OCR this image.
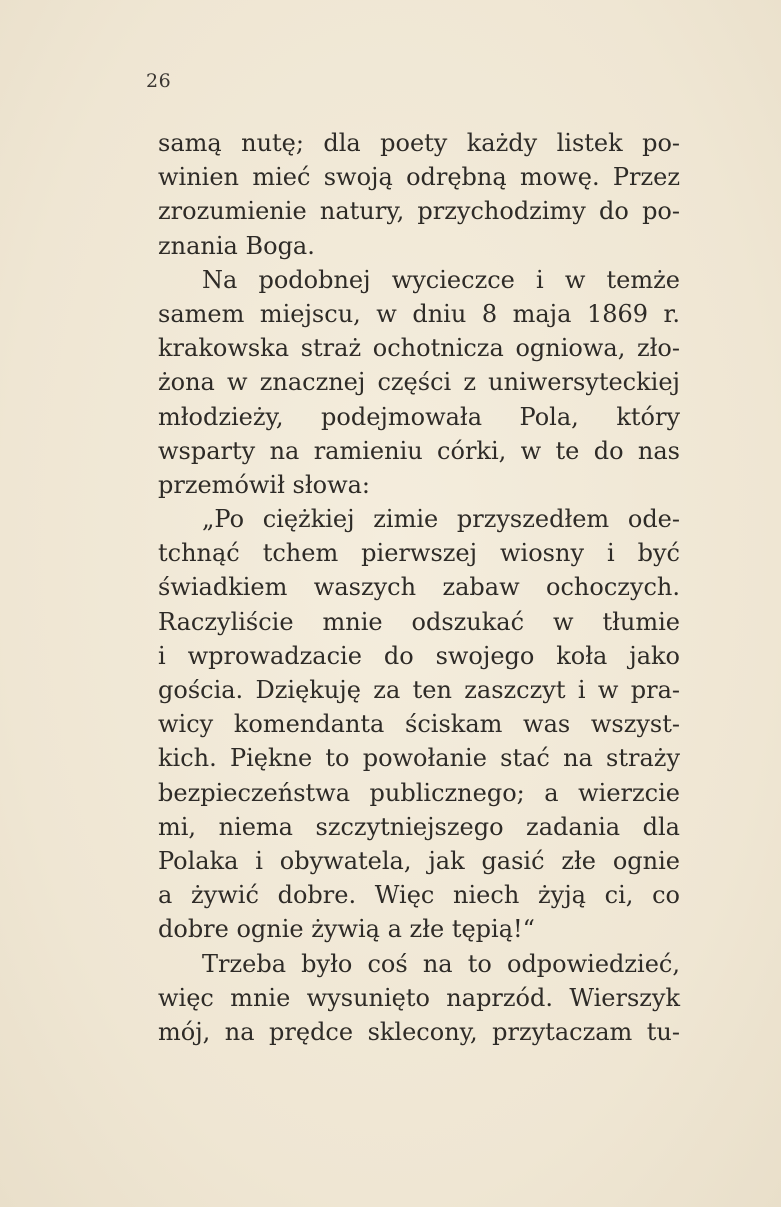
26
samą nutę; dla poety każdy listek po-
winien mieć swoją odrębną mowę. Przez
zrozumienie natury, przychodzimy do po-
znania Boga.
Na podobnej wycieczce i w temże
samem miejscu, w dniu 8 maja 1869 r.
krakowska straż ochotnicza ogniowa, zło-
żona w znacznej części z uniwersyteckiej
młodzieży, podejmowała Pola, który
wsparty na ramieniu córki, w te do nas
przemówił słowa:
„Po ciężkiej zimie przyszedłem ode-
tchnąć tchem pierwszej wiosny i być
świadkiem waszych zabaw ochoczych.
Raczyliście mnie odszukać w tłumie
i wprowadzacie do swojego koła jako
gościa. Dziękuję za ten zaszczyt i w pra-
wicy komendanta ściskam was wszyst-
kich. Piękne to powołanie stać na straży
bezpieczeństwa publicznego; a wierzcie
mi, niema szczytniejszego zadania dla
Polaka i obywatela, jak gasić złe ognie
a żywić dobre. Więc niech żyją ci, co
dobre ognie żywią a złe tępią!“
Trzeba było coś na to odpowiedzieć,
więc mnie wysunięto naprzód. Wierszyk
mój, na prędce sklecony, przytaczam tu-
